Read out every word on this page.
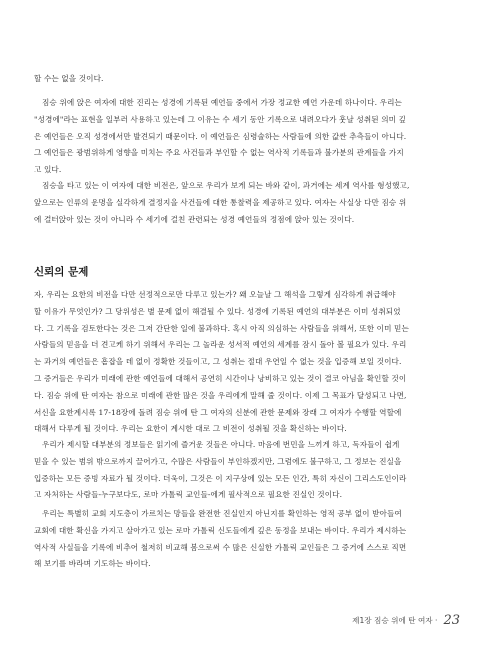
할 수는 없을 것이다.
짐승 위에 앉은 여자에 대한 진리는 성경에 기록된 예언들 중에서 가장 정교한 예언 가운데 하나이다. 우리는
"성경에"라는 표현을 일부러 사용하고 있는데 그 이유는 수 세기 동안 기록으로 내려오다가 훗날 성취된 의미 깊
은 예언들은 오직 성경에서만 발견되기 때문이다. 이 예언들은 심령술하는 사람들에 의한 값싼 추측들이 아니다.
그 예언들은 광범위하게 영향을 미치는 주요 사건들과 부인할 수 없는 역사적 기록들과 불가분의 관계들을 가지
고 있다.
짐승을 타고 있는 이 여자에 대한 비전은, 앞으로 우리가 보게 되는 바와 같이, 과거에는 세계 역사를 형성했고,
앞으로는 인류의 운명을 실각하게 결정지을 사건들에 대한 통찰력을 제공하고 있다. 여자는 사실상 다만 짐승 위
에 걸터앉아 있는 것이 아니라 수 세기에 걸친 관련되는 성경 예언들의 정점에 앉아 있는 것이다.
신뢰의 문제
자, 우리는 요한의 비전을 다만 선정적으로만 다루고 있는가? 왜 오늘날 그 해석을 그렇게 심각하게 취급해야
할 이유가 무엇인가? 그 당위성은 별 문제 없이 해결될 수 있다. 성경에 기록된 예언의 대부분은 이미 성취되었
다. 그 기록을 검토한다는 것은 그저 간단한 일에 불과하다. 혹시 아직 의심하는 사람들을 위해서, 또한 이미 믿는
사람들의 믿음을 더 견고케 하기 위해서 우리는 그 놀라운 성서적 예언의 세계를 잠시 돌아 볼 필요가 있다. 우리
는 과거의 예언들은 흠잡을 데 없이 정확한 것들이고, 그 성취는 절대 우연일 수 없는 것을 입증해 보일 것이다.
그 증거들은 우리가 미래에 관한 예언들에 대해서 공연히 시간이나 낭비하고 있는 것이 결코 아님을 확인할 것이
다. 짐승 위에 탄 여자는 참으로 미래에 관한 많은 것을 우리에게 말해 줄 것이다. 이제 그 목표가 달성되고 나면,
서신을 요한계시록 17-18장에 돌려 짐승 위에 탄 그 여자의 신분에 관한 문제와 장래 그 여자가 수행할 역할에
대해서 다루게 될 것이다. 우리는 요한이 계시한 대로 그 비전이 성취될 것을 확신하는 바이다.
우리가 제시할 대부분의 정보들은 읽기에 즐거운 것들은 아니다. 마음에 번민을 느끼게 하고, 독자들이 쉽게
믿을 수 있는 범위 밖으로까지 끌어가고, 수많은 사람들이 부인하겠지만, 그럼에도 불구하고, 그 정보는 진실을
입증하는 모든 증빙 자료가 될 것이다. 더욱이, 그것은 이 지구상에 있는 모든 인간, 특히 자신이 그리스도인이라
고 자처하는 사람들-누구보다도, 로마 가톨릭 교인들-에게 필사적으로 필요한 진실인 것이다.
우리는 특별히 교회 지도층이 가르치는 망들을 완전한 진실인지 아닌지를 확인하는 영적 공부 없이 받아들여
교회에 대한 확신을 가지고 살아가고 있는 로마 가톨릭 신도들에게 깊은 동정을 보내는 바이다. 우리가 제시하는
역사적 사실들을 기록에 비추어 철저히 비교해 봄으로써 수 많은 신실한 가톨릭 교인들은 그 증거에 스스로 직면
해 보기를 바라며 기도하는 바이다.
제1장 짐승 위에 탄 여자 · 23
